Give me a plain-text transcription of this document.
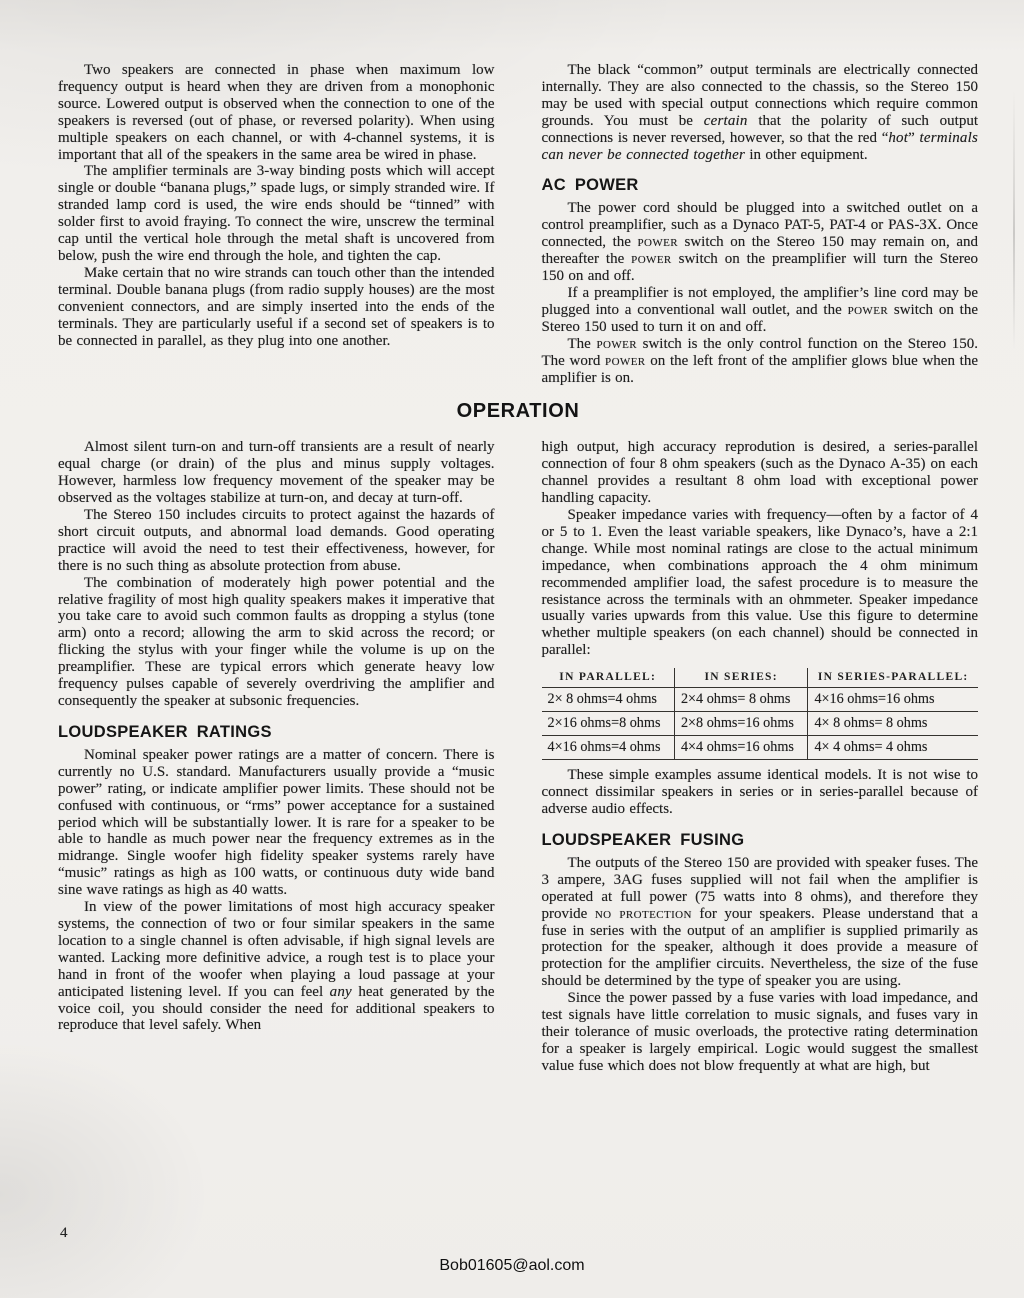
Two speakers are connected in phase when maximum low frequency output is heard when they are driven from a monophonic source. Lowered output is observed when the connection to one of the speakers is reversed (out of phase, or reversed polarity). When using multiple speakers on each channel, or with 4-channel systems, it is important that all of the speakers in the same area be wired in phase.

The amplifier terminals are 3-way binding posts which will accept single or double “banana plugs,” spade lugs, or simply stranded wire. If stranded lamp cord is used, the wire ends should be “tinned” with solder first to avoid fraying. To connect the wire, unscrew the terminal cap until the vertical hole through the metal shaft is uncovered from below, push the wire end through the hole, and tighten the cap.

Make certain that no wire strands can touch other than the intended terminal. Double banana plugs (from radio supply houses) are the most convenient connectors, and are simply inserted into the ends of the terminals. They are particularly useful if a second set of speakers is to be connected in parallel, as they plug into one another.

The black “common” output terminals are electrically connected internally. They are also connected to the chassis, so the Stereo 150 may be used with special output connections which require common grounds. You must be certain that the polarity of such output connections is never reversed, however, so that the red “hot” terminals can never be connected together in other equipment.

AC POWER

The power cord should be plugged into a switched outlet on a control preamplifier, such as a Dynaco PAT-5, PAT-4 or PAS-3X. Once connected, the power switch on the Stereo 150 may remain on, and thereafter the power switch on the preamplifier will turn the Stereo 150 on and off.

If a preamplifier is not employed, the amplifier’s line cord may be plugged into a conventional wall outlet, and the power switch on the Stereo 150 used to turn it on and off.

The power switch is the only control function on the Stereo 150. The word power on the left front of the amplifier glows blue when the amplifier is on.

OPERATION

Almost silent turn-on and turn-off transients are a result of nearly equal charge (or drain) of the plus and minus supply voltages. However, harmless low frequency movement of the speaker may be observed as the voltages stabilize at turn-on, and decay at turn-off.

The Stereo 150 includes circuits to protect against the hazards of short circuit outputs, and abnormal load demands. Good operating practice will avoid the need to test their effectiveness, however, for there is no such thing as absolute protection from abuse.

The combination of moderately high power potential and the relative fragility of most high quality speakers makes it imperative that you take care to avoid such common faults as dropping a stylus (tone arm) onto a record; allowing the arm to skid across the record; or flicking the stylus with your finger while the volume is up on the preamplifier. These are typical errors which generate heavy low frequency pulses capable of severely overdriving the amplifier and consequently the speaker at subsonic frequencies.

LOUDSPEAKER RATINGS

Nominal speaker power ratings are a matter of concern. There is currently no U.S. standard. Manufacturers usually provide a “music power” rating, or indicate amplifier power limits. These should not be confused with continuous, or “rms” power acceptance for a sustained period which will be substantially lower. It is rare for a speaker to be able to handle as much power near the frequency extremes as in the midrange. Single woofer high fidelity speaker systems rarely have “music” ratings as high as 100 watts, or continuous duty wide band sine wave ratings as high as 40 watts.

In view of the power limitations of most high accuracy speaker systems, the connection of two or four similar speakers in the same location to a single channel is often advisable, if high signal levels are wanted. Lacking more definitive advice, a rough test is to place your hand in front of the woofer when playing a loud passage at your anticipated listening level. If you can feel any heat generated by the voice coil, you should consider the need for additional speakers to reproduce that level safely. When

high output, high accuracy reprodution is desired, a series-parallel connection of four 8 ohm speakers (such as the Dynaco A-35) on each channel provides a resultant 8 ohm load with exceptional power handling capacity.

Speaker impedance varies with frequency—often by a factor of 4 or 5 to 1. Even the least variable speakers, like Dynaco’s, have a 2:1 change. While most nominal ratings are close to the actual minimum impedance, when combinations approach the 4 ohm minimum recommended amplifier load, the safest procedure is to measure the resistance across the terminals with an ohmmeter. Speaker impedance usually varies upwards from this value. Use this figure to determine whether multiple speakers (on each channel) should be connected in parallel:

IN PARALLEL:	IN SERIES:	IN SERIES-PARALLEL:
2× 8 ohms=4 ohms	2×4 ohms= 8 ohms	4×16 ohms=16 ohms
2×16 ohms=8 ohms	2×8 ohms=16 ohms	4× 8 ohms= 8 ohms
4×16 ohms=4 ohms	4×4 ohms=16 ohms	4× 4 ohms= 4 ohms

These simple examples assume identical models. It is not wise to connect dissimilar speakers in series or in series-parallel because of adverse audio effects.

LOUDSPEAKER FUSING

The outputs of the Stereo 150 are provided with speaker fuses. The 3 ampere, 3AG fuses supplied will not fail when the amplifier is operated at full power (75 watts into 8 ohms), and therefore they provide no protection for your speakers. Please understand that a fuse in series with the output of an amplifier is supplied primarily as protection for the speaker, although it does provide a measure of protection for the amplifier circuits. Nevertheless, the size of the fuse should be determined by the type of speaker you are using.

Since the power passed by a fuse varies with load impedance, and test signals have little correlation to music signals, and fuses vary in their tolerance of music overloads, the protective rating determination for a speaker is largely empirical. Logic would suggest the smallest value fuse which does not blow frequently at what are high, but

4
Bob01605@aol.com
